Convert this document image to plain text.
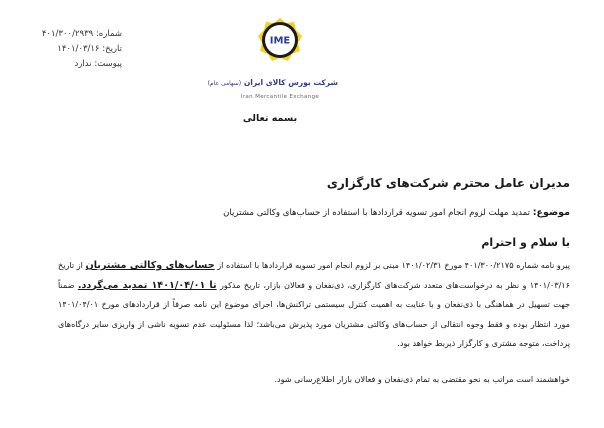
شماره: ۴۰۱/۳۰۰/۲۹۳۹
تاریخ: ۱۴۰۱/۰۳/۱۶
پیوست: ندارد
IME
شرکت بورس کالای ایران (سهامی عام)
Iran Mercantile Exchange
بسمه تعالی
مدیران عامل محترم شرکت‌های کارگزاری
موضوع: تمدید مهلت لزوم انجام امور تسویه قراردادها با استفاده از حساب‌های وکالتی مشتریان
با سلام و احترام

پیرو نامه شماره ۴۰۱/۳۰۰/۲۱۷۵ مورخ ۱۴۰۱/۰۲/۳۱ مبنی بر لزوم انجام امور تسویه قراردادها با استفاده از حساب‌های وکالتی مشتریان از تاریخ ۱۴۰۱/۰۳/۱۶ و نظر به درخواست‌های متعدد شرکت‌های کارگزاری، ذی‌نفعان و فعالان بازار، تاریخ مذکور تا ۱۴۰۱/۰۴/۰۱ تمدید می‌گردد. ضمناً جهت تسهیل در هماهنگی با ذی‌نفعان و با عنایت به اهمیت کنترل سیستمی تراکنش‌ها، اجرای موضوع این نامه صرفاً از قراردادهای مورخ ۱۴۰۱/۰۴/۰۱ مورد انتظار بوده و فقط وجوه انتقالی از حساب‌های وکالتی مشتریان مورد پذیرش می‌باشد؛ لذا مسئولیت عدم تسویه ناشی از واریزی سایر درگاه‌های پرداخت، متوجه مشتری و کارگزار ذیربط خواهد بود.

خواهشمند است مراتب به نحو مقتضی به تمام ذی‌نفعان و فعالان بازار اطلاع‌رسانی شود.
